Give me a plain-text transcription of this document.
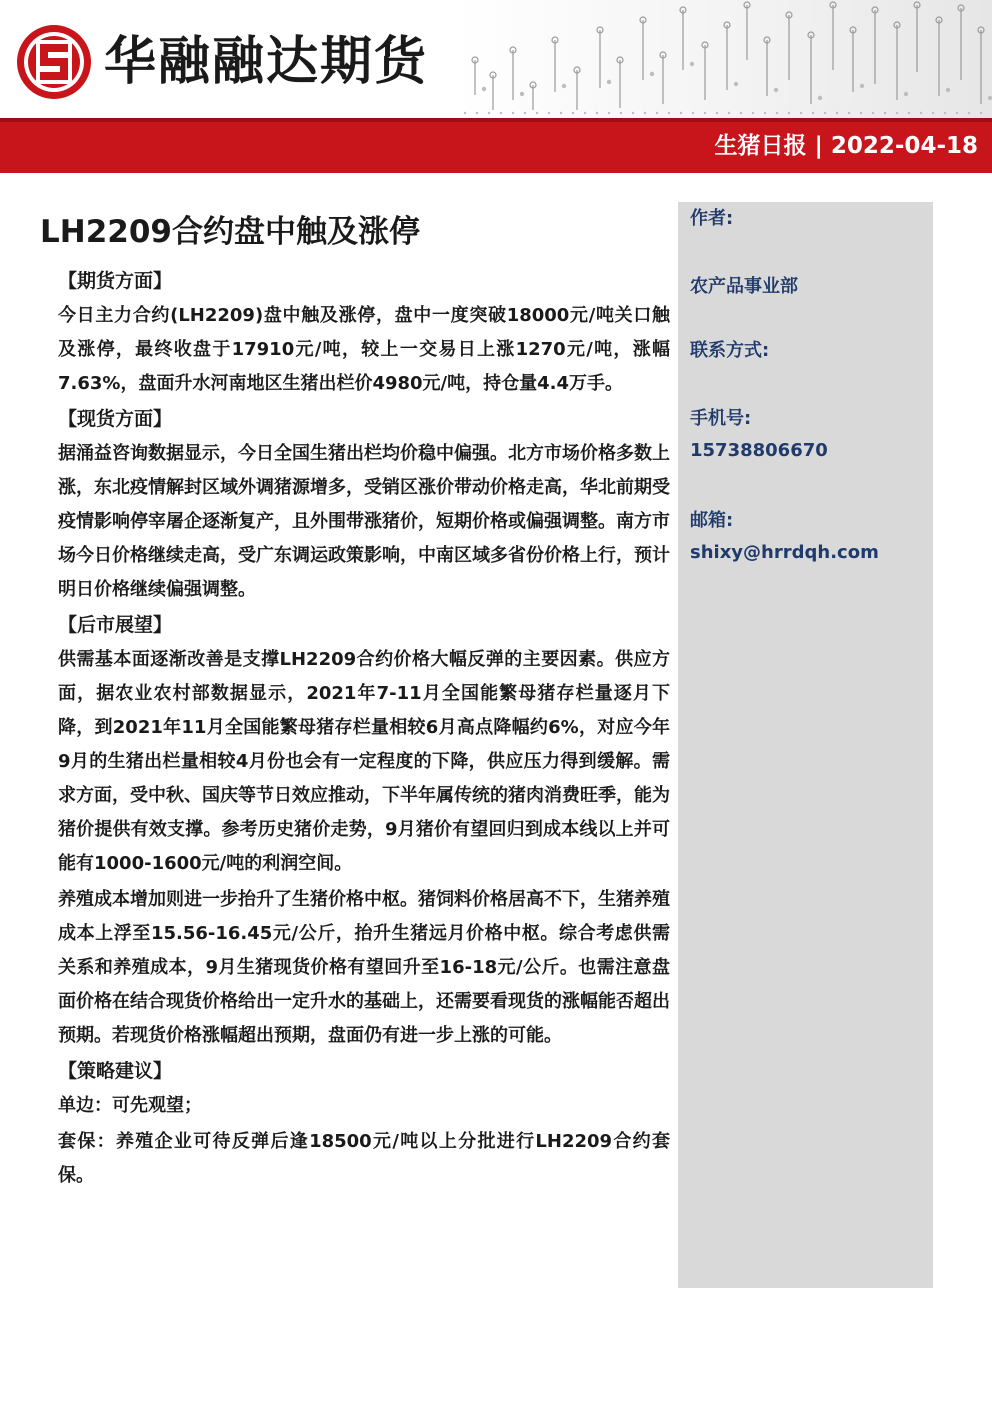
华融融达期货
生猪日报 | 2022-04-18
LH2209合约盘中触及涨停
【期货方面】

今日主力合约(LH2209)盘中触及涨停，盘中一度突破18000元/吨关口触及涨停，最终收盘于17910元/吨，较上一交易日上涨1270元/吨，涨幅7.63%，盘面升水河南地区生猪出栏价4980元/吨，持仓量4.4万手。

【现货方面】

据涌益咨询数据显示，今日全国生猪出栏均价稳中偏强。北方市场价格多数上涨，东北疫情解封区域外调猪源增多，受销区涨价带动价格走高，华北前期受疫情影响停宰屠企逐渐复产，且外围带涨猪价，短期价格或偏强调整。南方市场今日价格继续走高，受广东调运政策影响，中南区域多省份价格上行，预计明日价格继续偏强调整。

【后市展望】

供需基本面逐渐改善是支撑LH2209合约价格大幅反弹的主要因素。供应方面，据农业农村部数据显示，2021年7-11月全国能繁母猪存栏量逐月下降，到2021年11月全国能繁母猪存栏量相较6月高点降幅约6%，对应今年9月的生猪出栏量相较4月份也会有一定程度的下降，供应压力得到缓解。需求方面，受中秋、国庆等节日效应推动，下半年属传统的猪肉消费旺季，能为猪价提供有效支撑。参考历史猪价走势，9月猪价有望回归到成本线以上并可能有1000-1600元/吨的利润空间。

养殖成本增加则进一步抬升了生猪价格中枢。猪饲料价格居高不下，生猪养殖成本上浮至15.56-16.45元/公斤，抬升生猪远月价格中枢。综合考虑供需关系和养殖成本，9月生猪现货价格有望回升至16-18元/公斤。也需注意盘面价格在结合现货价格给出一定升水的基础上，还需要看现货的涨幅能否超出预期。若现货价格涨幅超出预期，盘面仍有进一步上涨的可能。

【策略建议】

单边：可先观望；

套保：养殖企业可待反弹后逢18500元/吨以上分批进行LH2209合约套保。

作者:
农产品事业部
联系方式:
手机号:
15738806670
邮箱:
shixy@hrrdqh.com
